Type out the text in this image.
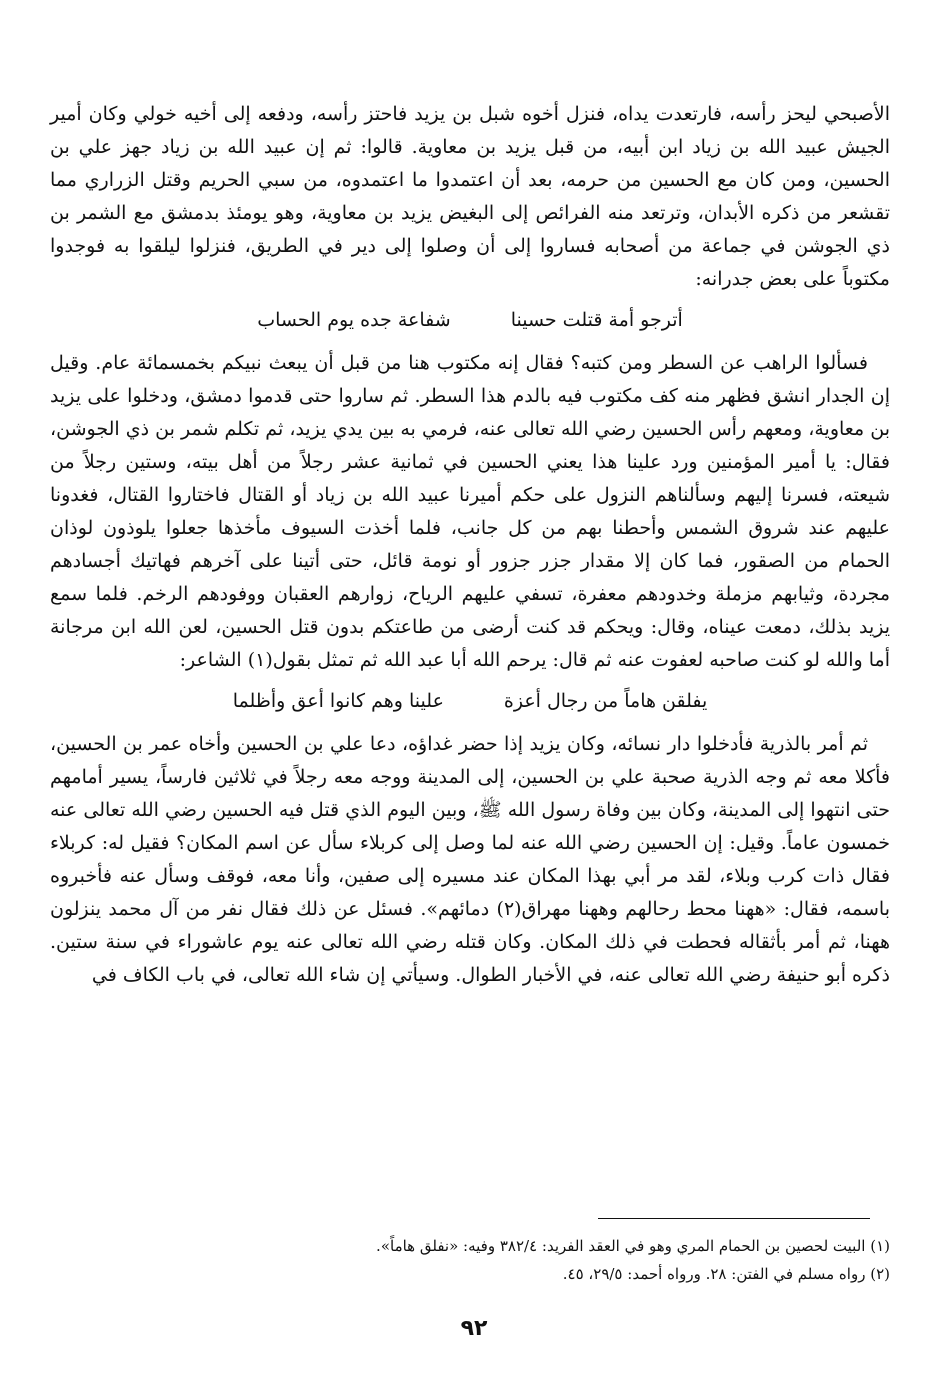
الأصبحي ليحز رأسه، فارتعدت يداه، فنزل أخوه شبل بن يزيد فاحتز رأسه، ودفعه إلى أخيه خولي وكان أمير الجيش عبيد الله بن زياد ابن أبيه، من قبل يزيد بن معاوية. قالوا: ثم إن عبيد الله بن زياد جهز علي بن الحسين، ومن كان مع الحسين من حرمه، بعد أن اعتمدوا ما اعتمدوه، من سبي الحريم وقتل الزراري مما تقشعر من ذكره الأبدان، وترتعد منه الفرائص إلى البغيض يزيد بن معاوية، وهو يومئذ بدمشق مع الشمر بن ذي الجوشن في جماعة من أصحابه فساروا إلى أن وصلوا إلى دير في الطريق، فنزلوا ليلقوا به فوجدوا مكتوباً على بعض جدرانه:

أترجو أمة قتلت حسينا
شفاعة جده يوم الحساب

فسألوا الراهب عن السطر ومن كتبه؟ فقال إنه مكتوب هنا من قبل أن يبعث نبيكم بخمسمائة عام. وقيل إن الجدار انشق فظهر منه كف مكتوب فيه بالدم هذا السطر. ثم ساروا حتى قدموا دمشق، ودخلوا على يزيد بن معاوية، ومعهم رأس الحسين رضي الله تعالى عنه، فرمي به بين يدي يزيد، ثم تكلم شمر بن ذي الجوشن، فقال: يا أمير المؤمنين ورد علينا هذا يعني الحسين في ثمانية عشر رجلاً من أهل بيته، وستين رجلاً من شيعته، فسرنا إليهم وسألناهم النزول على حكم أميرنا عبيد الله بن زياد أو القتال فاختاروا القتال، فغدونا عليهم عند شروق الشمس وأحطنا بهم من كل جانب، فلما أخذت السيوف مأخذها جعلوا يلوذون لوذان الحمام من الصقور، فما كان إلا مقدار جزر جزور أو نومة قائل، حتى أتينا على آخرهم فهاتيك أجسادهم مجردة، وثيابهم مزملة وخدودهم معفرة، تسفي عليهم الرياح، زوارهم العقبان ووفودهم الرخم. فلما سمع يزيد بذلك، دمعت عيناه، وقال: ويحكم قد كنت أرضى من طاعتكم بدون قتل الحسين، لعن الله ابن مرجانة أما والله لو كنت صاحبه لعفوت عنه ثم قال: يرحم الله أبا عبد الله ثم تمثل بقول(١) الشاعر:

يفلقن هاماً من رجال أعزة
علينا وهم كانوا أعق وأظلما

ثم أمر بالذرية فأدخلوا دار نسائه، وكان يزيد إذا حضر غداؤه، دعا علي بن الحسين وأخاه عمر بن الحسين، فأكلا معه ثم وجه الذرية صحبة علي بن الحسين، إلى المدينة ووجه معه رجلاً في ثلاثين فارساً، يسير أمامهم حتى انتهوا إلى المدينة، وكان بين وفاة رسول الله ﷺ، وبين اليوم الذي قتل فيه الحسين رضي الله تعالى عنه خمسون عاماً. وقيل: إن الحسين رضي الله عنه لما وصل إلى كربلاء سأل عن اسم المكان؟ فقيل له: كربلاء فقال ذات كرب وبلاء، لقد مر أبي بهذا المكان عند مسيره إلى صفين، وأنا معه، فوقف وسأل عنه فأخبروه باسمه، فقال: «ههنا محط رحالهم وههنا مهراق(٢) دمائهم». فسئل عن ذلك فقال نفر من آل محمد ينزلون ههنا، ثم أمر بأثقاله فحطت في ذلك المكان. وكان قتله رضي الله تعالى عنه يوم عاشوراء في سنة ستين. ذكره أبو حنيفة رضي الله تعالى عنه، في الأخبار الطوال. وسيأتي إن شاء الله تعالى، في باب الكاف في

(١) البيت لحصين بن الحمام المري وهو في العقد الفريد: ٣٨٢/٤ وفيه: «نفلق هاماً».

(٢) رواه مسلم في الفتن: ٢٨. ورواه أحمد: ٢٩/٥، ٤٥.

٩٢
